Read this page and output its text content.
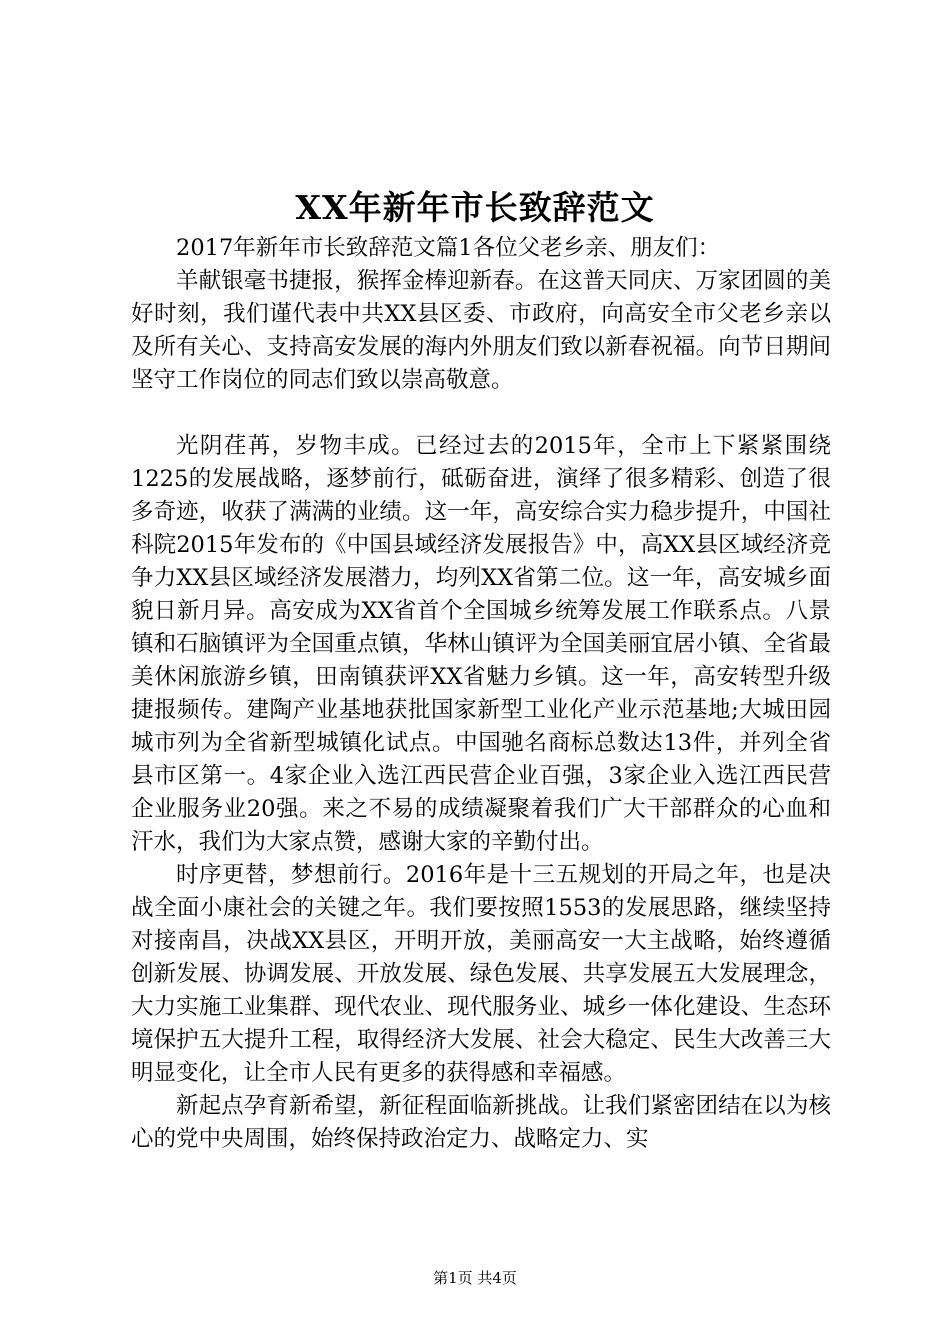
XX年新年市长致辞范文

2017年新年市长致辞范文篇1各位父老乡亲、朋友们：

羊献银毫书捷报，猴挥金棒迎新春。在这普天同庆、万家团圆的美好时刻，我们谨代表中共XX县区委、市政府，向高安全市父老乡亲以及所有关心、支持高安发展的海内外朋友们致以新春祝福。向节日期间坚守工作岗位的同志们致以崇高敬意。

光阴荏苒，岁物丰成。已经过去的2015年，全市上下紧紧围绕1225的发展战略，逐梦前行，砥砺奋进，演绎了很多精彩、创造了很多奇迹，收获了满满的业绩。这一年，高安综合实力稳步提升，中国社科院2015年发布的《中国县域经济发展报告》中，高XX县区域经济竞争力XX县区域经济发展潜力，均列XX省第二位。这一年，高安城乡面貌日新月异。高安成为XX省首个全国城乡统筹发展工作联系点。八景镇和石脑镇评为全国重点镇，华林山镇评为全国美丽宜居小镇、全省最美休闲旅游乡镇，田南镇获评XX省魅力乡镇。这一年，高安转型升级捷报频传。建陶产业基地获批国家新型工业化产业示范基地;大城田园城市列为全省新型城镇化试点。中国驰名商标总数达13件，并列全省县市区第一。4家企业入选江西民营企业百强，3家企业入选江西民营企业服务业20强。来之不易的成绩凝聚着我们广大干部群众的心血和汗水，我们为大家点赞，感谢大家的辛勤付出。

时序更替，梦想前行。2016年是十三五规划的开局之年，也是决战全面小康社会的关键之年。我们要按照1553的发展思路，继续坚持对接南昌，决战XX县区，开明开放，美丽高安一大主战略，始终遵循创新发展、协调发展、开放发展、绿色发展、共享发展五大发展理念，大力实施工业集群、现代农业、现代服务业、城乡一体化建设、生态环境保护五大提升工程，取得经济大发展、社会大稳定、民生大改善三大明显变化，让全市人民有更多的获得感和幸福感。

新起点孕育新希望，新征程面临新挑战。让我们紧密团结在以为核心的党中央周围，始终保持政治定力、战略定力、实

第1页 共4页
